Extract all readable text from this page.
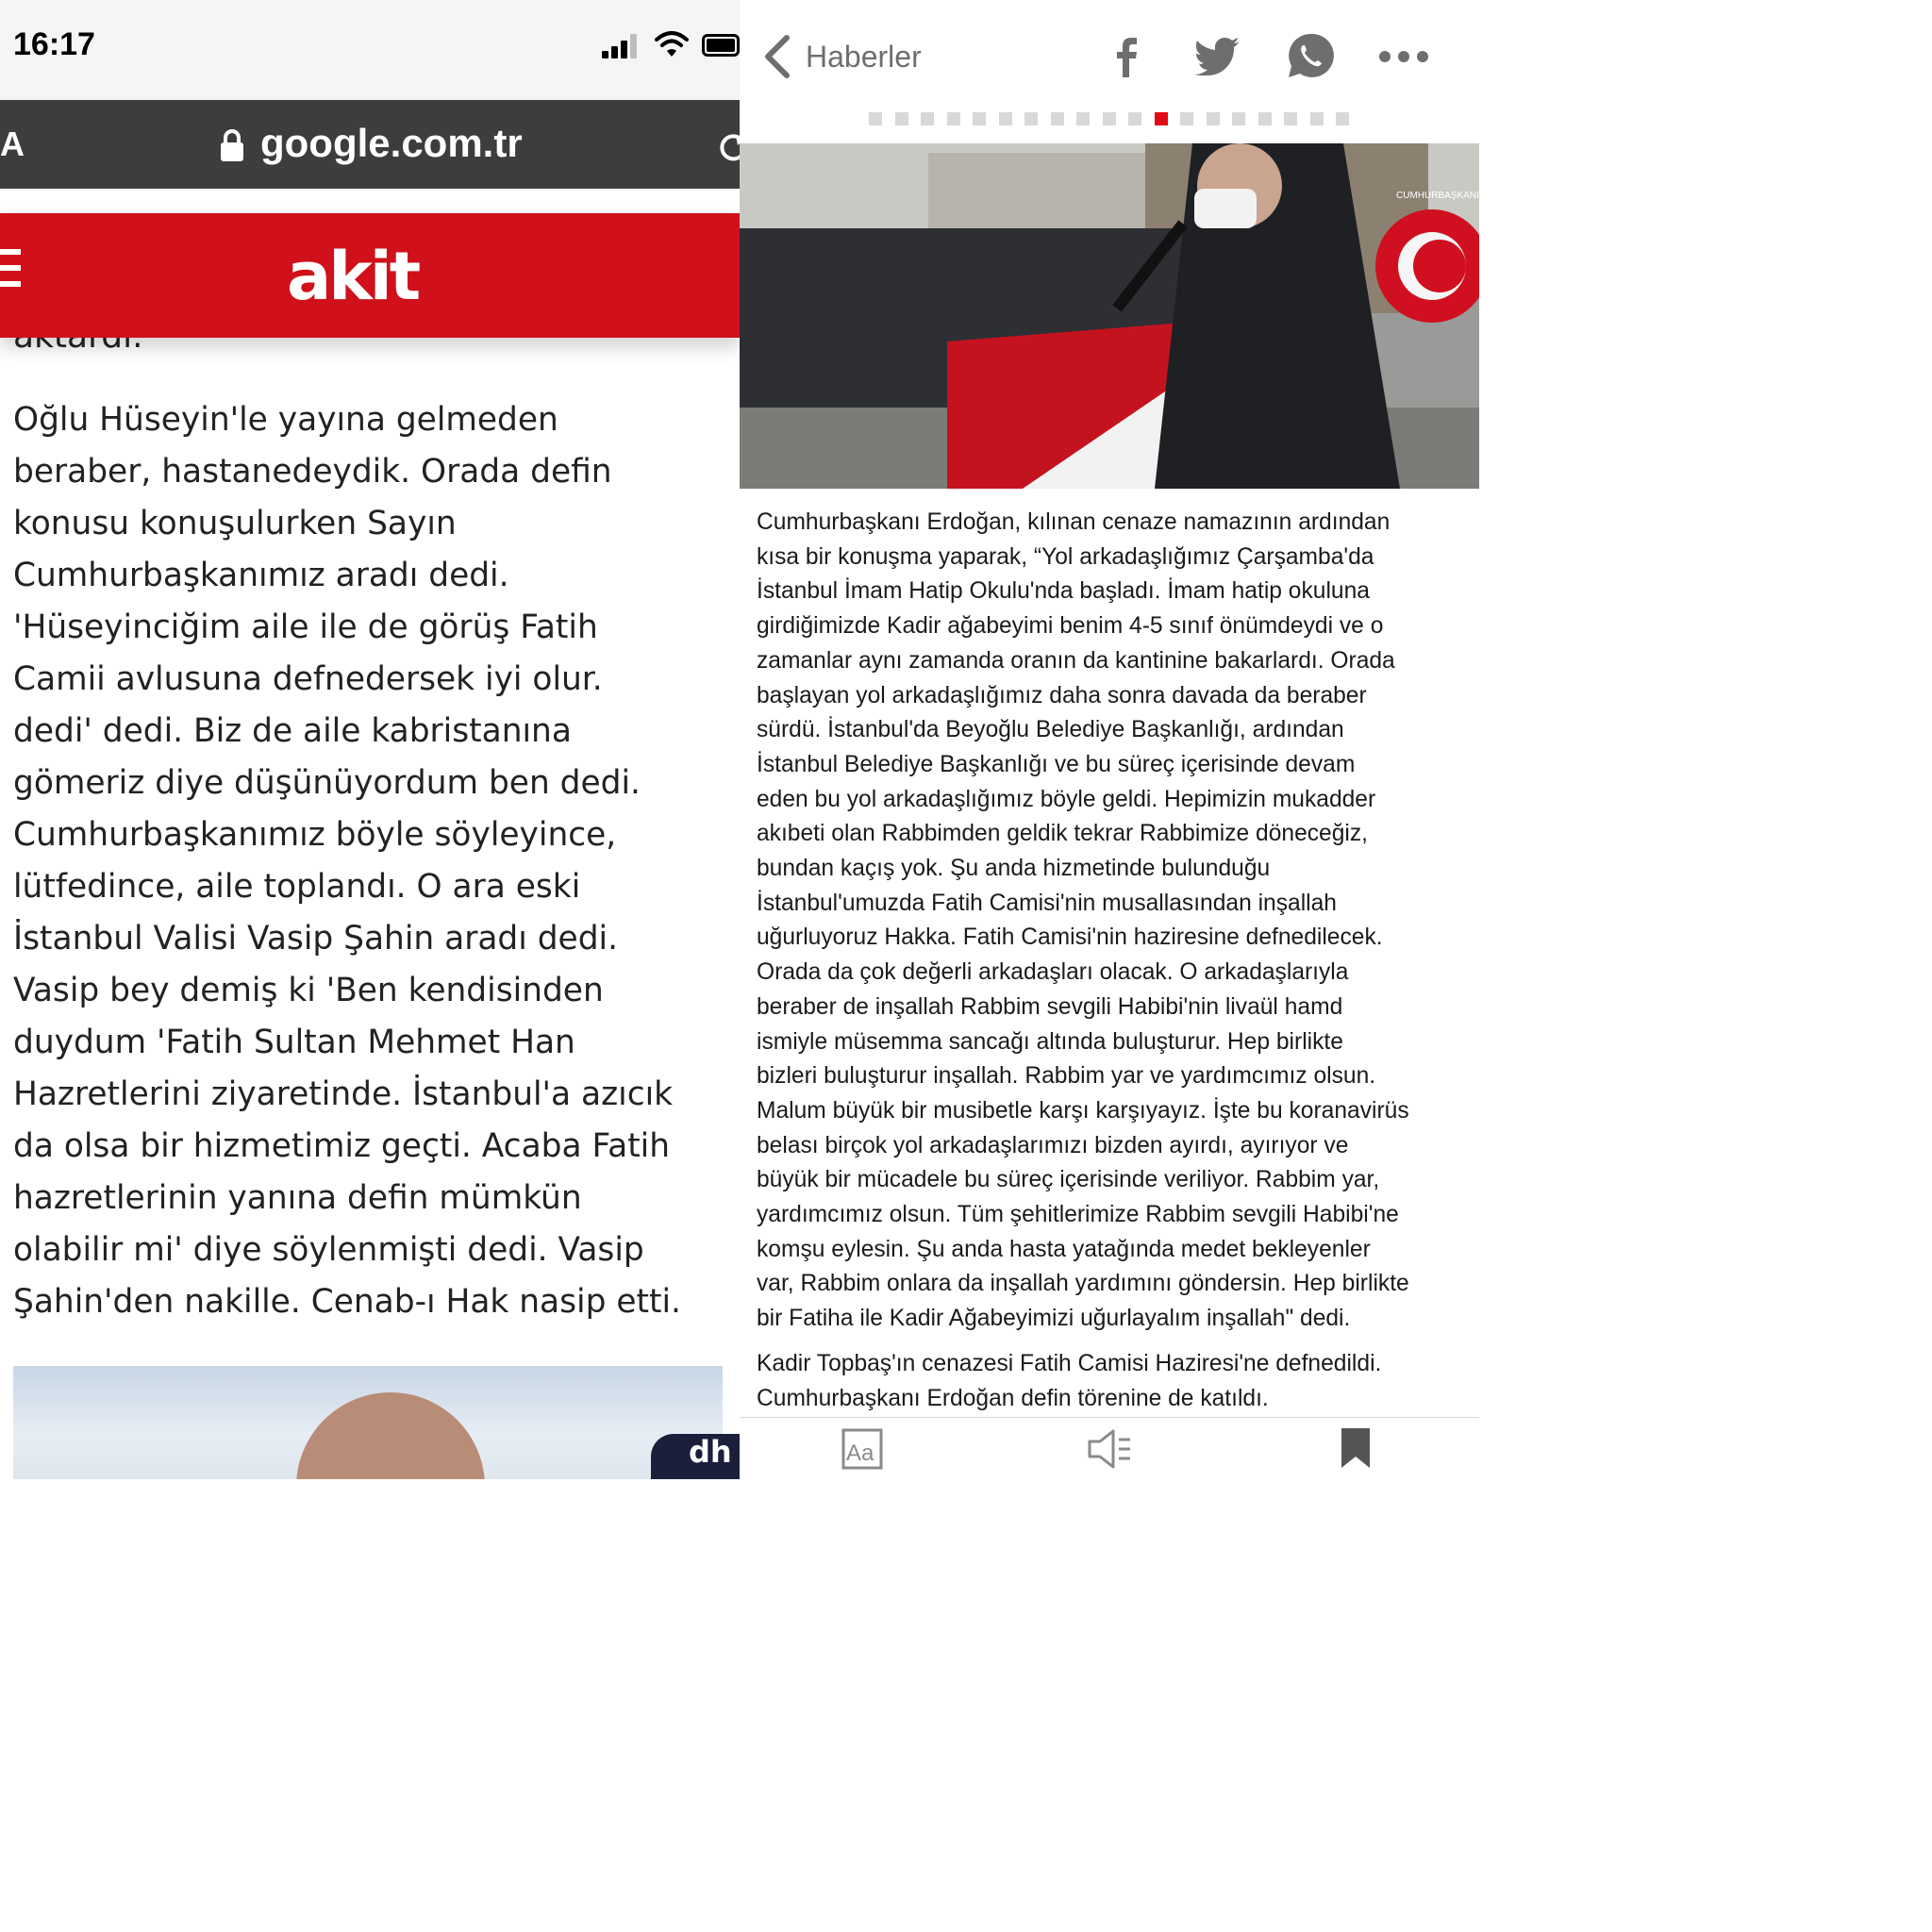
16:17
A	google.com.tr
akit
Oğlu Hüseyin'le yayına gelmeden
beraber, hastanedeydik. Orada defin
konusu konuşulurken Sayın
Cumhurbaşkanımız aradı dedi.
'Hüseyinciğim aile ile de görüş Fatih
Camii avlusuna defnedersek iyi olur.
dedi' dedi. Biz de aile kabristanına
gömeriz diye düşünüyordum ben dedi.
Cumhurbaşkanımız böyle söyleyince,
lütfedince, aile toplandı. O ara eski
İstanbul Valisi Vasip Şahin aradı dedi.
Vasip bey demiş ki 'Ben kendisinden
duydum 'Fatih Sultan Mehmet Han
Hazretlerini ziyaretinde. İstanbul'a azıcık
da olsa bir hizmetimiz geçti. Acaba Fatih
hazretlerinin yanına defin mümkün
olabilir mi' diye söylenmişti dedi. Vasip
Şahin'den nakille. Cenab-ı Hak nasip etti.
dh
Haberler
CUMHURBAŞKANI
Cumhurbaşkanı Erdoğan, kılınan cenaze namazının ardından
kısa bir konuşma yaparak, “Yol arkadaşlığımız Çarşamba'da
İstanbul İmam Hatip Okulu'nda başladı. İmam hatip okuluna
girdiğimizde Kadir ağabeyimi benim 4-5 sınıf önümdeydi ve o
zamanlar aynı zamanda oranın da kantinine bakarlardı. Orada
başlayan yol arkadaşlığımız daha sonra davada da beraber
sürdü. İstanbul'da Beyoğlu Belediye Başkanlığı, ardından
İstanbul Belediye Başkanlığı ve bu süreç içerisinde devam
eden bu yol arkadaşlığımız böyle geldi. Hepimizin mukadder
akıbeti olan Rabbimden geldik tekrar Rabbimize döneceğiz,
bundan kaçış yok. Şu anda hizmetinde bulunduğu
İstanbul'umuzda Fatih Camisi'nin musallasından inşallah
uğurluyoruz Hakka. Fatih Camisi'nin haziresine defnedilecek.
Orada da çok değerli arkadaşları olacak. O arkadaşlarıyla
beraber de inşallah Rabbim sevgili Habibi'nin livaül hamd
ismiyle müsemma sancağı altında buluşturur. Hep birlikte
bizleri buluşturur inşallah. Rabbim yar ve yardımcımız olsun.
Malum büyük bir musibetle karşı karşıyayız. İşte bu koranavirüs
belası birçok yol arkadaşlarımızı bizden ayırdı, ayırıyor ve
büyük bir mücadele bu süreç içerisinde veriliyor. Rabbim yar,
yardımcımız olsun. Tüm şehitlerimize Rabbim sevgili Habibi'ne
komşu eylesin. Şu anda hasta yatağında medet bekleyenler
var, Rabbim onlara da inşallah yardımını göndersin. Hep birlikte
bir Fatiha ile Kadir Ağabeyimizi uğurlayalım inşallah" dedi.
Kadir Topbaş'ın cenazesi Fatih Camisi Haziresi'ne defnedildi.
Cumhurbaşkanı Erdoğan defin törenine de katıldı.
Aa
